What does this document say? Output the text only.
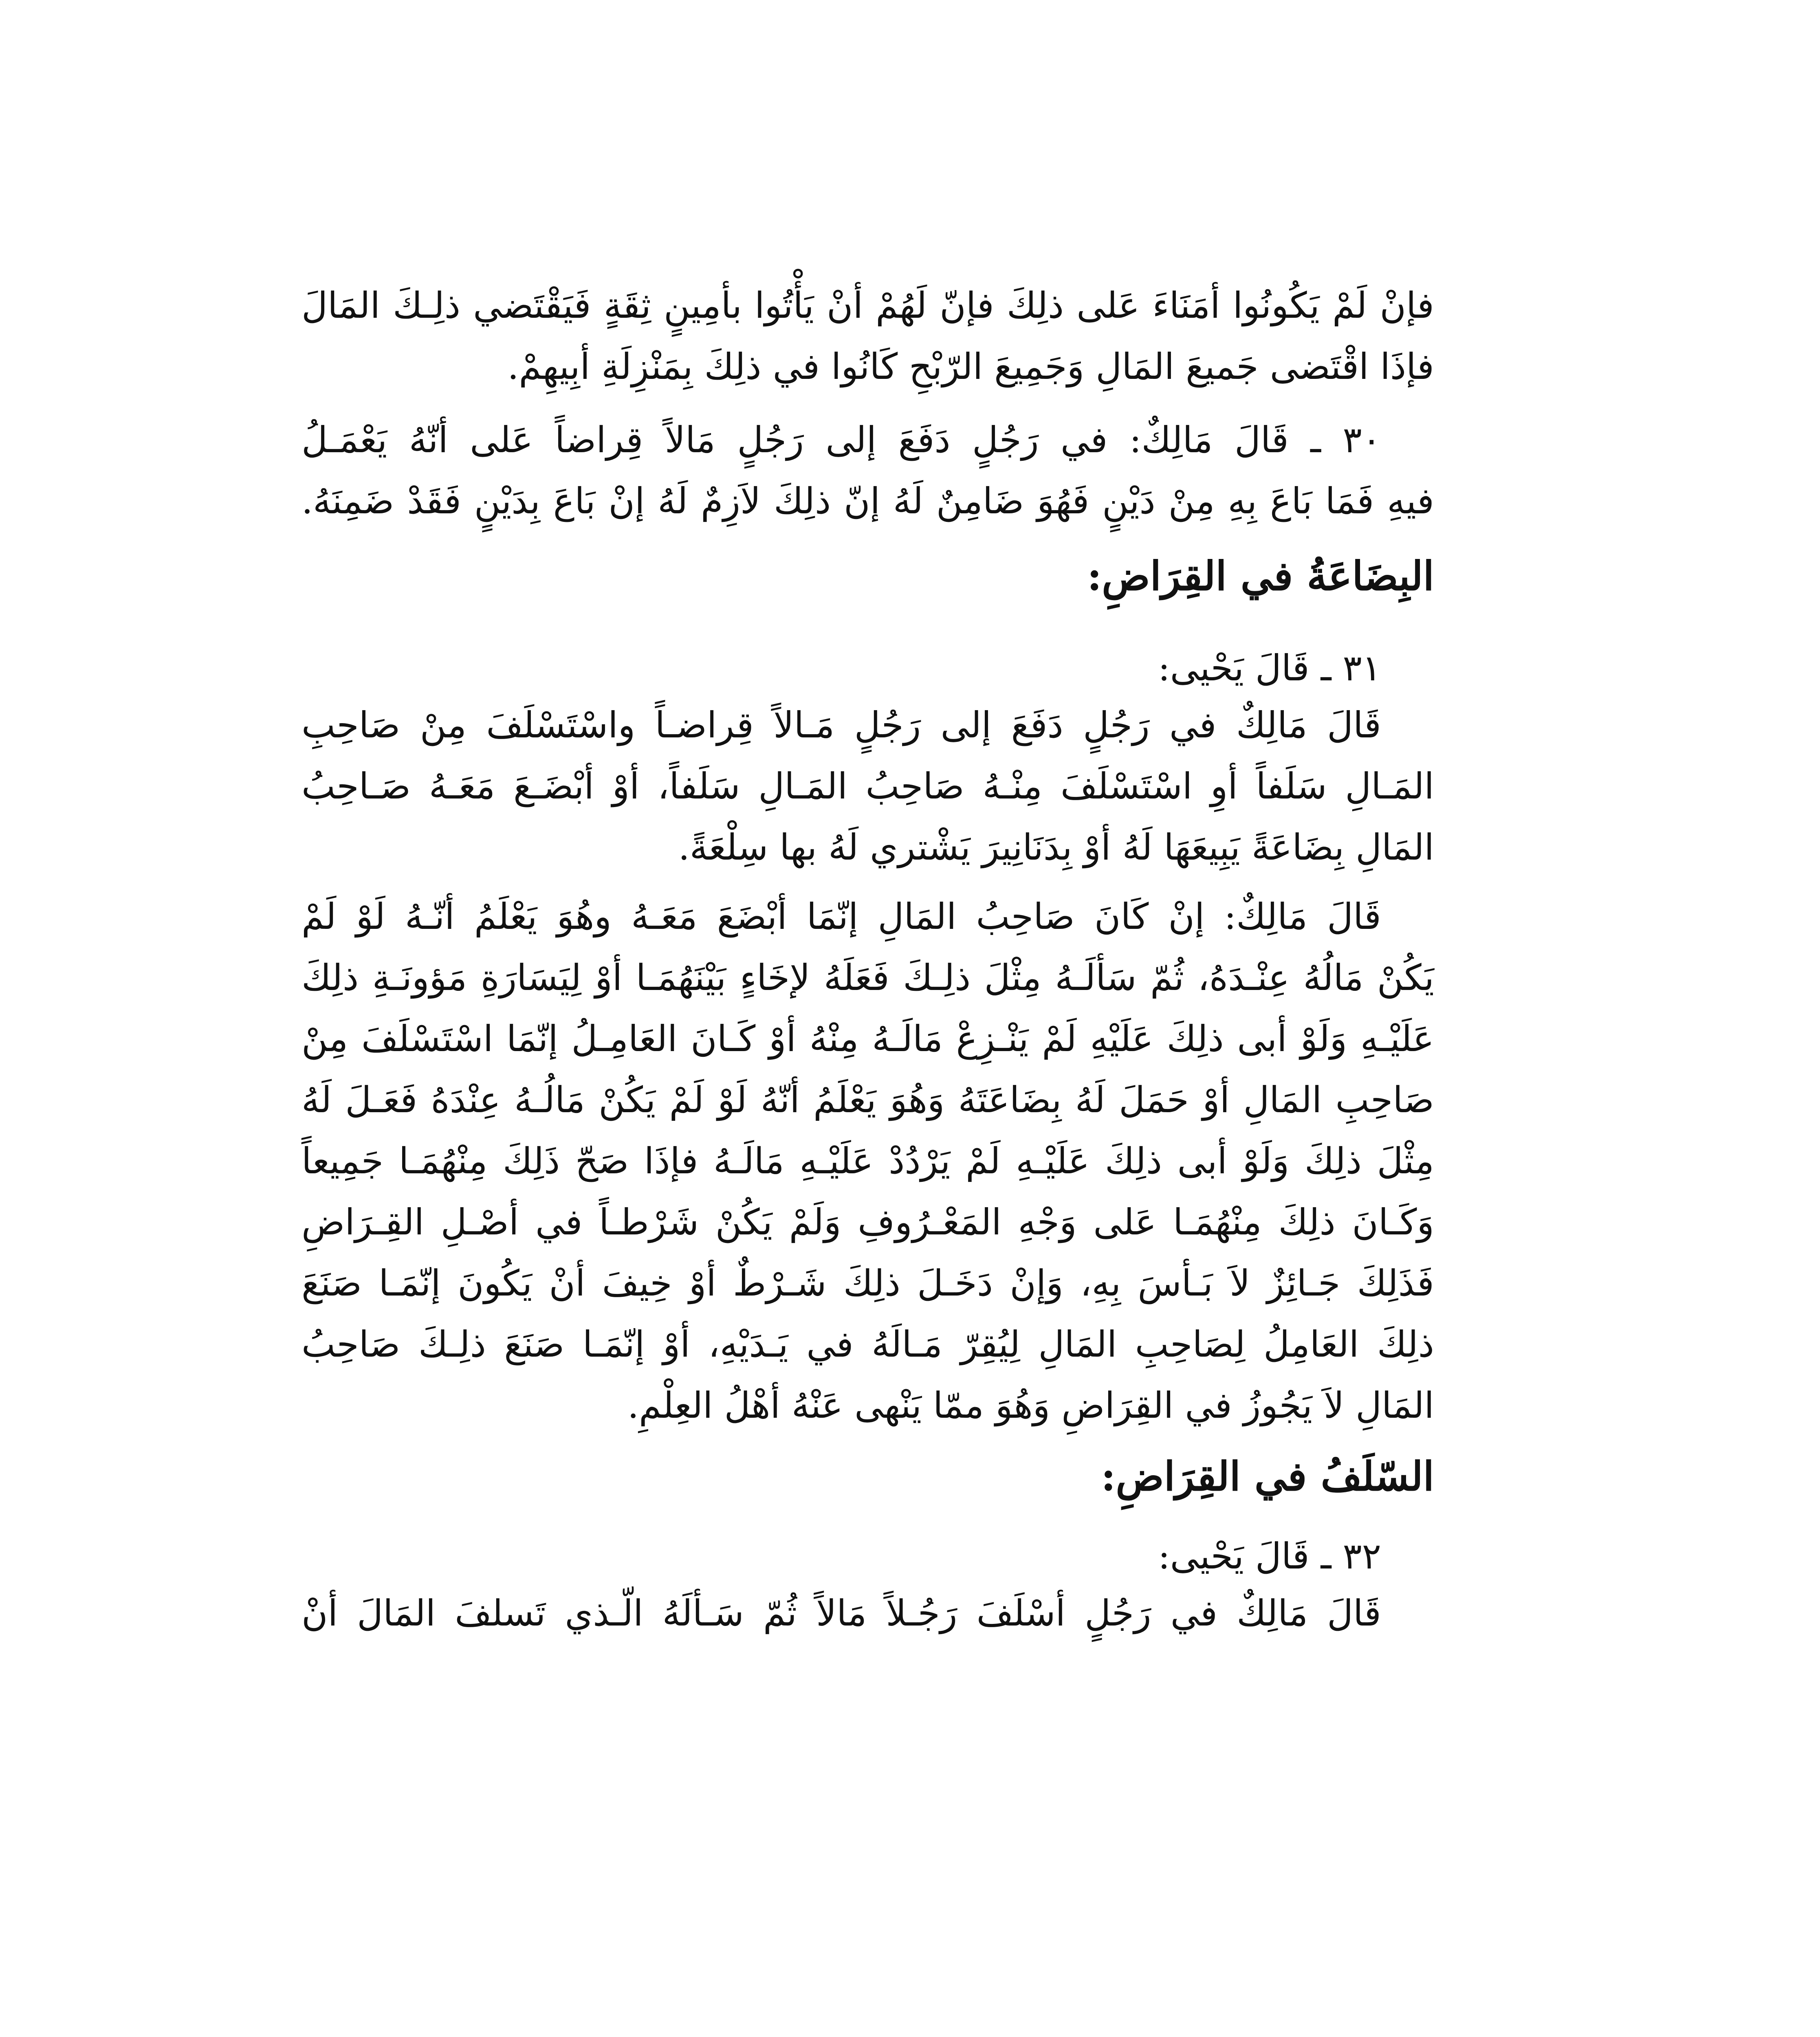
فإنْ لَمْ يَكُونُوا أمَنَاءَ عَلى ذلِكَ فإنّ لَهُمْ أنْ يَأْتُوا بأمِينٍ ثِقَةٍ فَيَقْتَضي ذلِـكَ المَالَ
فإذَا اقْتَضى جَميعَ المَالِ وَجَمِيعَ الرّبْحِ كَانُوا في ذلِكَ بِمَنْزِلَةِ أبِيهِمْ.
٣٠ ـ قَالَ مَالِكٌ: في رَجُلٍ دَفَعَ إلى رَجُلٍ مَالاً قِراضاً عَلى أنّهُ يَعْمَـلُ
فيهِ فَمَا بَاعَ بِهِ مِنْ دَيْنٍ فَهُوَ ضَامِنٌ لَهُ إنّ ذلِكَ لاَزِمٌ لَهُ إنْ بَاعَ بِدَيْنٍ فَقَدْ ضَمِنَهُ.
البِضَاعَةُ في القِرَاضِ:
٣١ ـ قَالَ يَحْيى:
قَالَ مَالِكٌ في رَجُلٍ دَفَعَ إلى رَجُلٍ مَـالاً قِراضـاً واسْتَسْلَفَ مِنْ صَاحِبِ
المَـالِ سَلَفاً أوِ اسْتَسْلَفَ مِنْـهُ صَاحِبُ المَـالِ سَلَفاً، أوْ أبْضَـعَ مَعَـهُ صَـاحِبُ
المَالِ بِضَاعَةً يَبِيعَهَا لَهُ أوْ بِدَنَانِيرَ يَشْتري لَهُ بها سِلْعَةً.
قَالَ مَالِكٌ: إنْ كَانَ صَاحِبُ المَالِ إنّمَا أبْضَعَ مَعَـهُ وهُوَ يَعْلَمُ أنّـهُ لَوْ لَمْ
يَكُنْ مَالُهُ عِنْـدَهُ، ثُمّ سَألَـهُ مِثْلَ ذلِـكَ فَعَلَهُ لإخَاءٍ بَيْنَهُمَـا أوْ لِيَسَارَةِ مَؤونَـةِ ذلِكَ
عَلَيْـهِ وَلَوْ أبى ذلِكَ عَلَيْهِ لَمْ يَنْـزِعْ مَالَـهُ مِنْهُ أوْ كَـانَ العَامِـلُ إنّمَا اسْتَسْلَفَ مِنْ
صَاحِبِ المَالِ أوْ حَمَلَ لَهُ بِضَاعَتَهُ وَهُوَ يَعْلَمُ أنّهُ لَوْ لَمْ يَكُنْ مَالُـهُ عِنْدَهُ فَعَـلَ لَهُ
مِثْلَ ذلِكَ وَلَوْ أبى ذلِكَ عَلَيْـهِ لَمْ يَرْدُدْ عَلَيْـهِ مَالَـهُ فإذَا صَحّ ذَلِكَ مِنْهُمَـا جَمِيعاً
وَكَـانَ ذلِكَ مِنْهُمَـا عَلى وَجْهِ المَعْـرُوفِ وَلَمْ يَكُنْ شَرْطـاً في أصْـلِ القِـرَاضِ
فَذَلِكَ جَـائِزٌ لاَ بَـأسَ بِهِ، وَإنْ دَخَـلَ ذلِكَ شَـرْطٌ أوْ خِيفَ أنْ يَكُونَ إنّمَـا صَنَعَ
ذلِكَ العَامِلُ لِصَاحِبِ المَالِ لِيُقِرّ مَـالَهُ في يَـدَيْهِ، أوْ إنّمَـا صَنَعَ ذلِـكَ صَاحِبُ
المَالِ لاَ يَجُوزُ في القِرَاضِ وَهُوَ ممّا يَنْهى عَنْهُ أهْلُ العِلْمِ.
السّلَفُ في القِرَاضِ:
٣٢ ـ قَالَ يَحْيى:
قَالَ مَالِكٌ في رَجُلٍ أسْلَفَ رَجُـلاً مَالاً ثُمّ سَـألَهُ الّـذي تَسلفَ المَالَ أنْ
